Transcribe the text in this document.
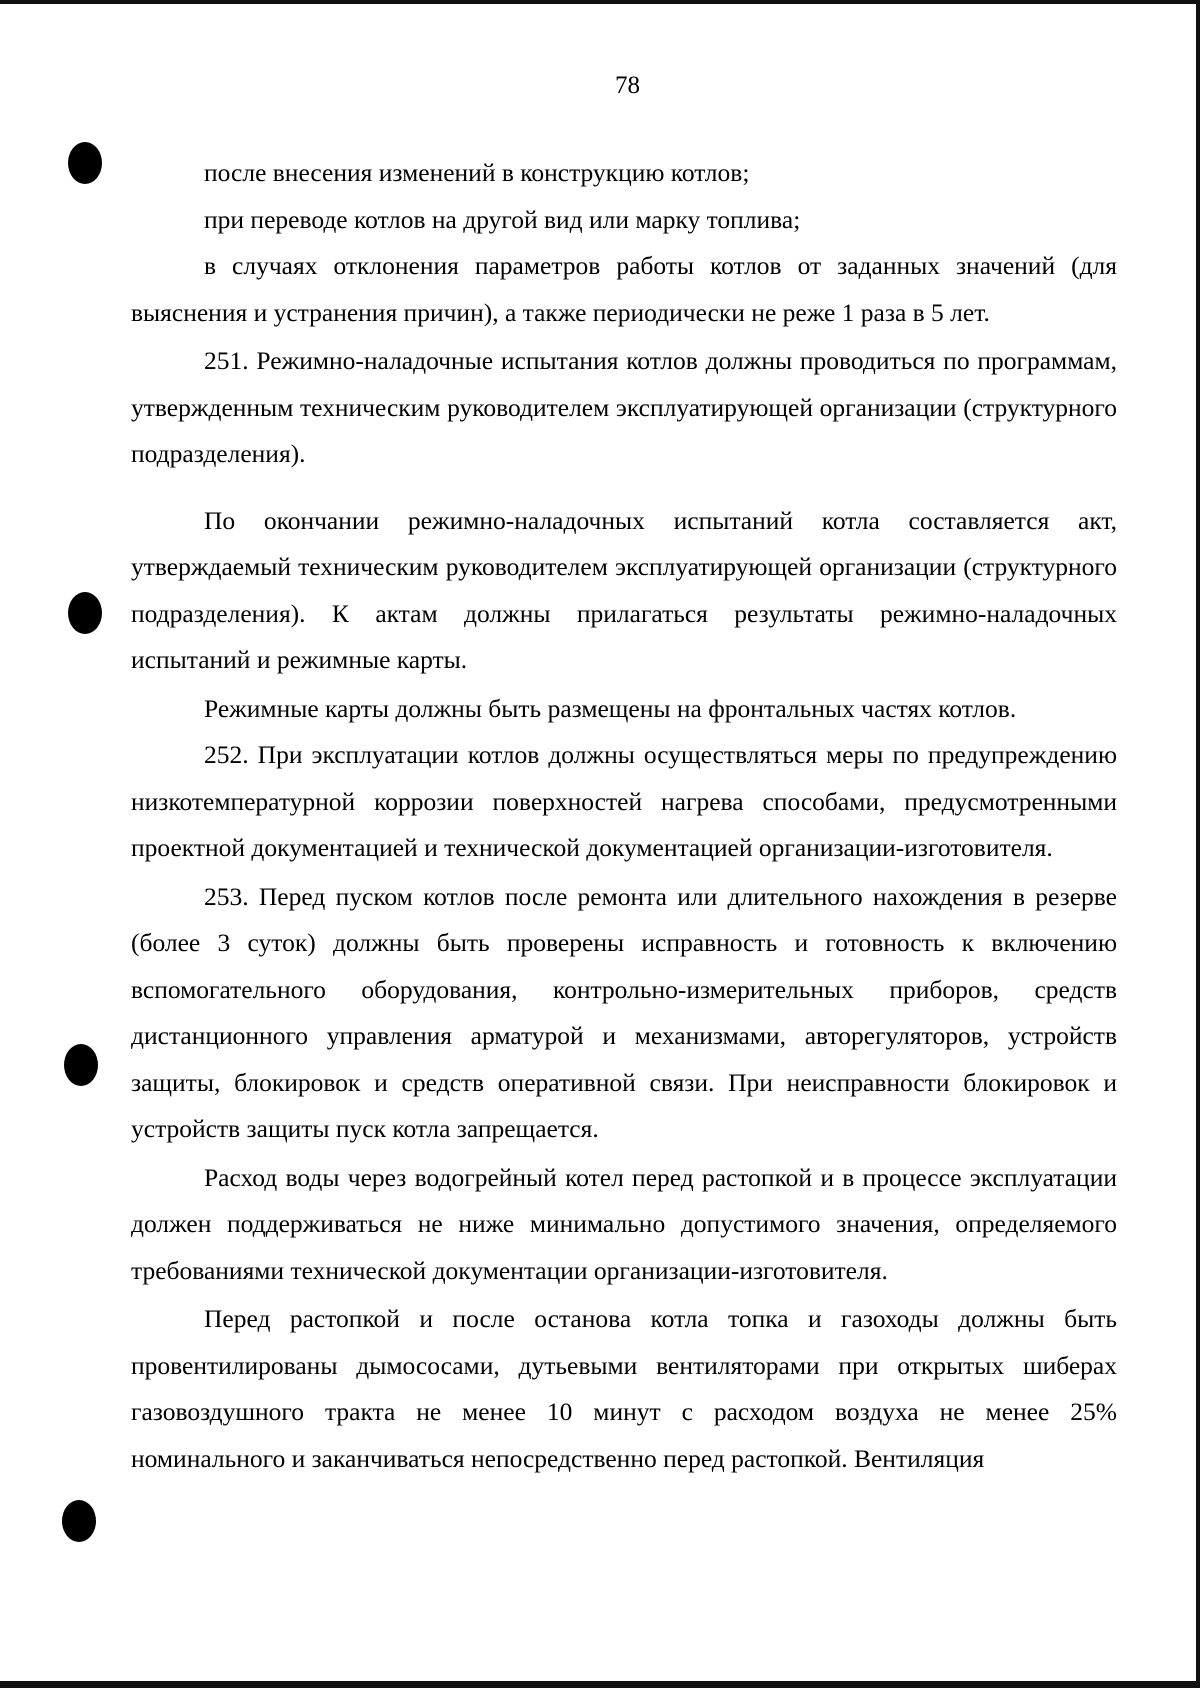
78

после внесения изменений в конструкцию котлов;

при переводе котлов на другой вид или марку топлива;

в случаях отклонения параметров работы котлов от заданных значений (для выяснения и устранения причин), а также периодически не реже 1 раза в 5 лет.

251. Режимно-наладочные испытания котлов должны проводиться по программам, утвержденным техническим руководителем эксплуатирующей организации (структурного подразделения).

По окончании режимно-наладочных испытаний котла составляется акт, утверждаемый техническим руководителем эксплуатирующей организации (структурного подразделения). К актам должны прилагаться результаты режимно-наладочных испытаний и режимные карты.

Режимные карты должны быть размещены на фронтальных частях котлов.

252. При эксплуатации котлов должны осуществляться меры по предупреждению низкотемпературной коррозии поверхностей нагрева способами, предусмотренными проектной документацией и технической документацией организации-изготовителя.

253. Перед пуском котлов после ремонта или длительного нахождения в резерве (более 3 суток) должны быть проверены исправность и готовность к включению вспомогательного оборудования, контрольно-измерительных приборов, средств дистанционного управления арматурой и механизмами, авторегуляторов, устройств защиты, блокировок и средств оперативной связи. При неисправности блокировок и устройств защиты пуск котла запрещается.

Расход воды через водогрейный котел перед растопкой и в процессе эксплуатации должен поддерживаться не ниже минимально допустимого значения, определяемого требованиями технической документации организации-изготовителя.

Перед растопкой и после останова котла топка и газоходы должны быть провентилированы дымососами, дутьевыми вентиляторами при открытых шиберах газовоздушного тракта не менее 10 минут с расходом воздуха не менее 25% номинального и заканчиваться непосредственно перед растопкой. Вентиляция
